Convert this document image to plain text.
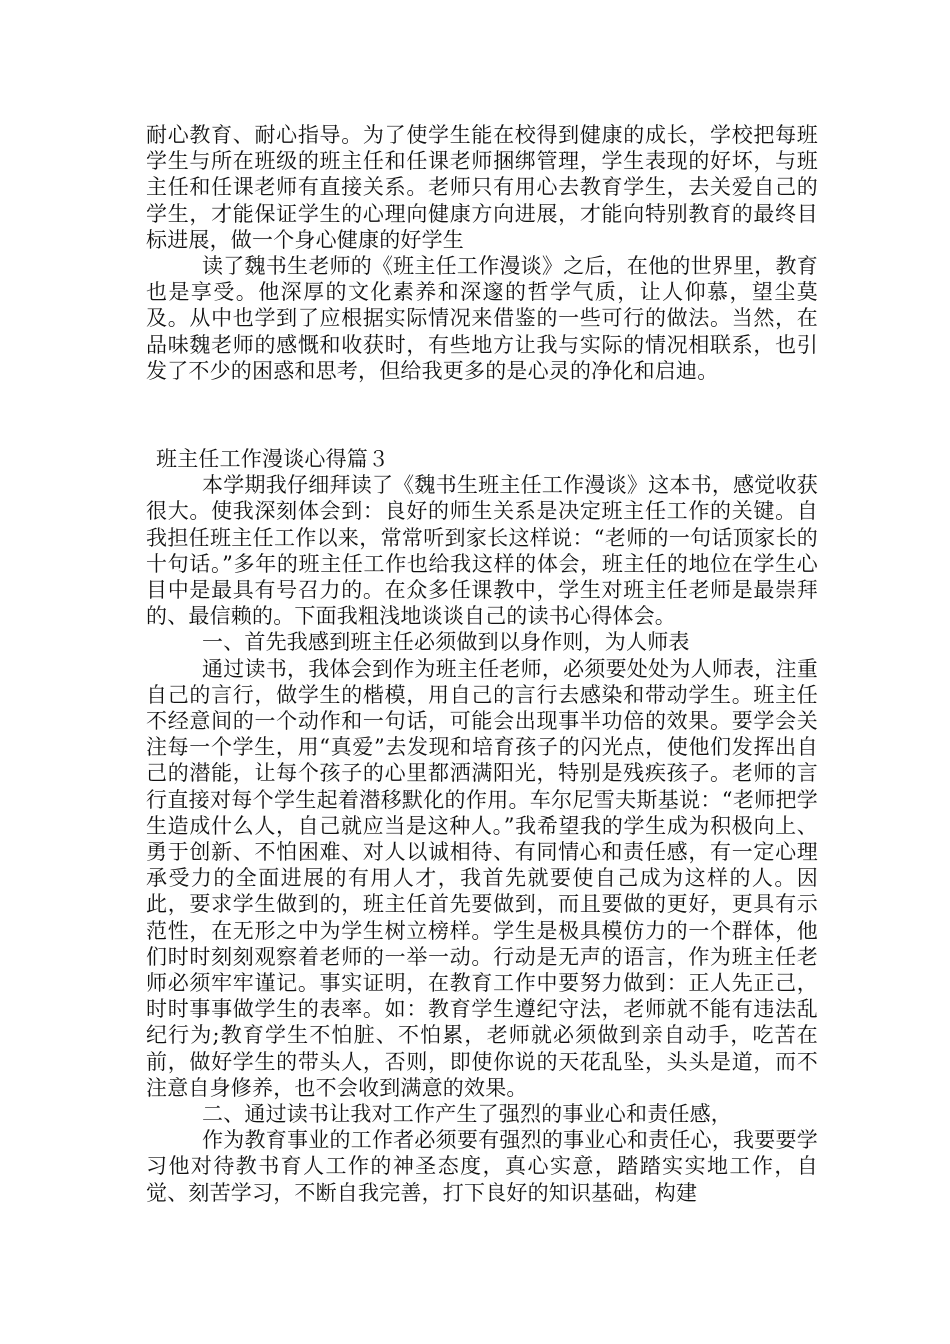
耐心教育、耐心指导。为了使学生能在校得到健康的成长，学校把每班学生与所在班级的班主任和任课老师捆绑管理，学生表现的好坏，与班主任和任课老师有直接关系。老师只有用心去教育学生，去关爱自己的学生，才能保证学生的心理向健康方向进展，才能向特别教育的最终目标进展，做一个身心健康的好学生

读了魏书生老师的《班主任工作漫谈》之后，在他的世界里，教育也是享受。他深厚的文化素养和深邃的哲学气质，让人仰慕，望尘莫及。从中也学到了应根据实际情况来借鉴的一些可行的做法。当然，在品味魏老师的感慨和收获时，有些地方让我与实际的情况相联系，也引发了不少的困惑和思考，但给我更多的是心灵的净化和启迪。

班主任工作漫谈心得篇３

本学期我仔细拜读了《魏书生班主任工作漫谈》这本书，感觉收获很大。使我深刻体会到：良好的师生关系是决定班主任工作的关键。自我担任班主任工作以来，常常听到家长这样说：“老师的一句话顶家长的十句话。”多年的班主任工作也给我这样的体会，班主任的地位在学生心目中是最具有号召力的。在众多任课教中，学生对班主任老师是最崇拜的、最信赖的。下面我粗浅地谈谈自己的读书心得体会。

一、首先我感到班主任必须做到以身作则，为人师表

通过读书，我体会到作为班主任老师，必须要处处为人师表，注重自己的言行，做学生的楷模，用自己的言行去感染和带动学生。班主任不经意间的一个动作和一句话，可能会出现事半功倍的效果。要学会关注每一个学生，用“真爱”去发现和培育孩子的闪光点，使他们发挥出自己的潜能，让每个孩子的心里都洒满阳光，特别是残疾孩子。老师的言行直接对每个学生起着潜移默化的作用。车尔尼雪夫斯基说：“老师把学生造成什么人，自己就应当是这种人。”我希望我的学生成为积极向上、勇于创新、不怕困难、对人以诚相待、有同情心和责任感，有一定心理承受力的全面进展的有用人才，我首先就要使自己成为这样的人。因此，要求学生做到的，班主任首先要做到，而且要做的更好，更具有示范性，在无形之中为学生树立榜样。学生是极具模仿力的一个群体，他们时时刻刻观察着老师的一举一动。行动是无声的语言，作为班主任老师必须牢牢谨记。事实证明，在教育工作中要努力做到：正人先正己，时时事事做学生的表率。如：教育学生遵纪守法，老师就不能有违法乱纪行为;教育学生不怕脏、不怕累，老师就必须做到亲自动手，吃苦在前，做好学生的带头人，否则，即使你说的天花乱坠，头头是道，而不注意自身修养，也不会收到满意的效果。

二、通过读书让我对工作产生了强烈的事业心和责任感，

作为教育事业的工作者必须要有强烈的事业心和责任心，我要要学习他对待教书育人工作的神圣态度，真心实意，踏踏实实地工作，自觉、刻苦学习，不断自我完善，打下良好的知识基础，构建
